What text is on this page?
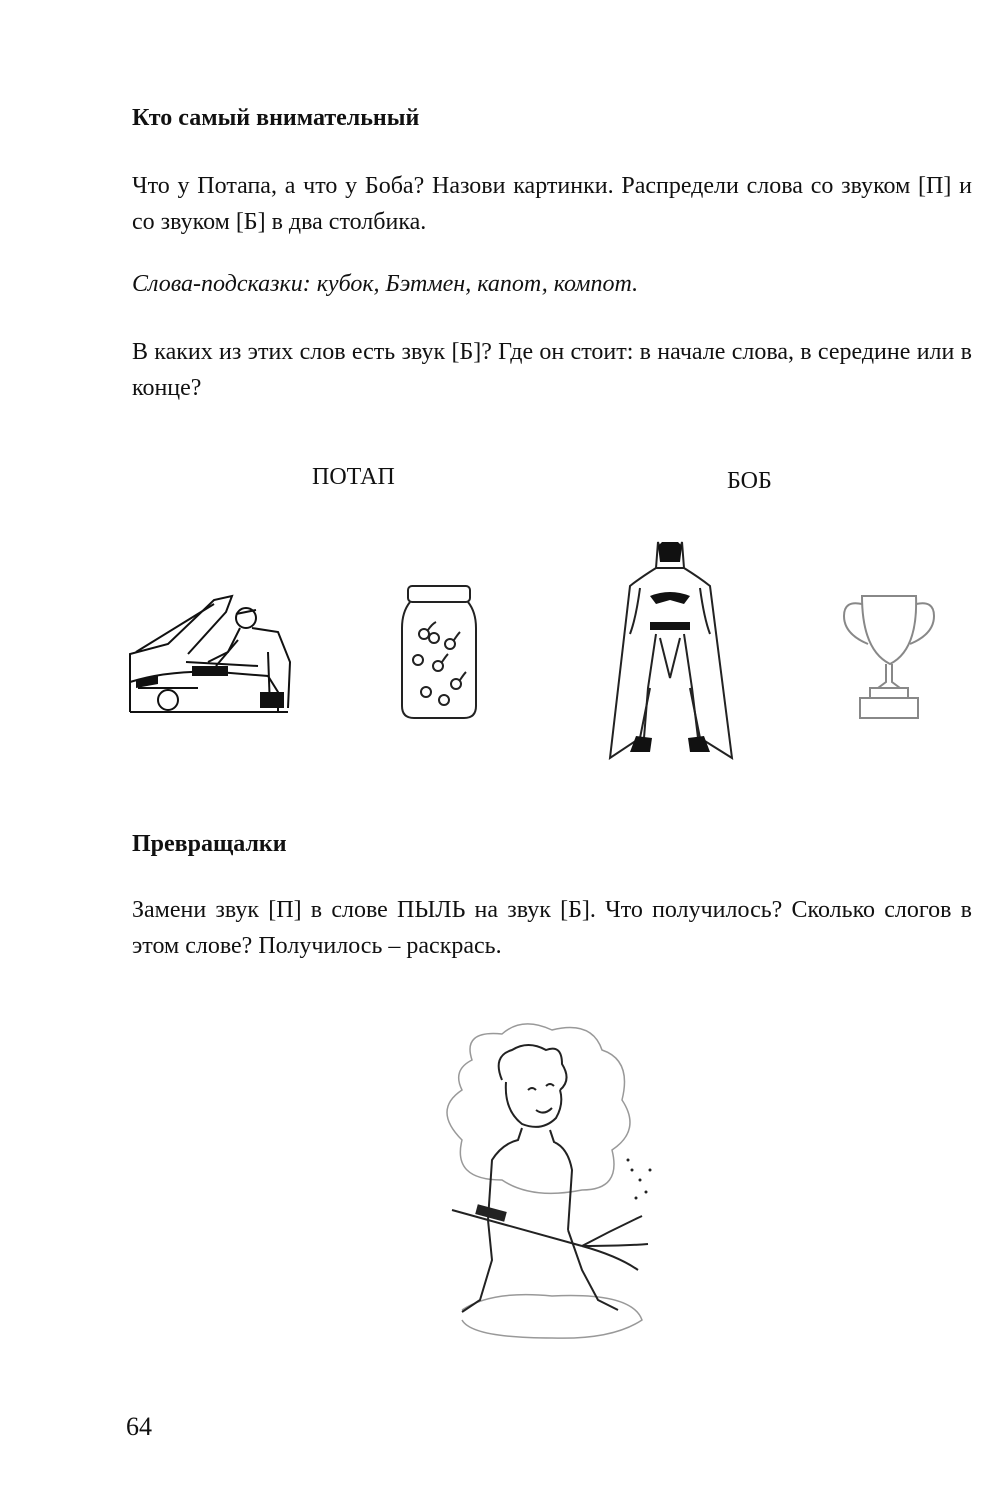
Кто самый внимательный
Что у Потапа, а что у Боба? Назови картинки. Распредели слова со звуком [П] и со звуком [Б] в два столбика.
Слова-подсказки: кубок, Бэтмен, капот, компот.
В каких из этих слов есть звук [Б]? Где он стоит: в начале слова, в середине или в конце?
ПОТАП	БОБ
Превращалки
Замени звук [П] в слове ПЫЛЬ на звук [Б]. Что получилось? Сколько слогов в этом слове? Получилось – раскрась.
64
